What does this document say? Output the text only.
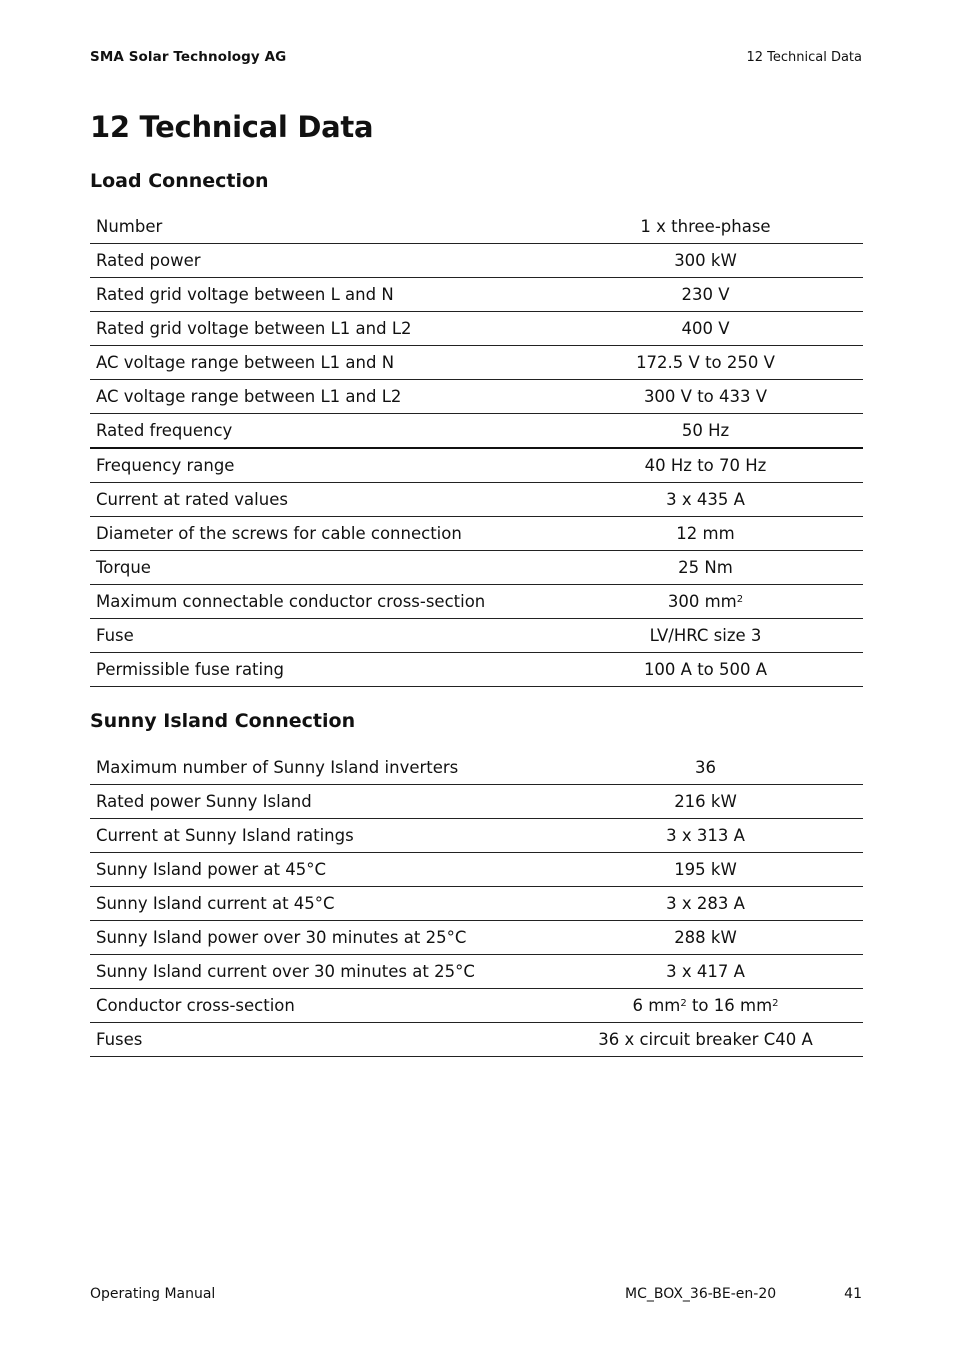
SMA Solar Technology AG	12 Technical Data
12 Technical Data
Load Connection
Number	1 x three-phase
Rated power	300 kW
Rated grid voltage between L and N	230 V
Rated grid voltage between L1 and L2	400 V
AC voltage range between L1 and N	172.5 V to 250 V
AC voltage range between L1 and L2	300 V to 433 V
Rated frequency	50 Hz
Frequency range	40 Hz to 70 Hz
Current at rated values	3 x 435 A
Diameter of the screws for cable connection	12 mm
Torque	25 Nm
Maximum connectable conductor cross-section	300 $mm^2$
Fuse	LV/HRC size 3
Permissible fuse rating	100 A to 500 A
Sunny Island Connection
Maximum number of Sunny Island inverters	36
Rated power Sunny Island	216 kW
Current at Sunny Island ratings	3 x 313 A
Sunny Island power at 45°C	195 kW
Sunny Island current at 45°C	3 x 283 A
Sunny Island power over 30 minutes at 25°C	288 kW
Sunny Island current over 30 minutes at 25°C	3 x 417 A
Conductor cross-section	6 $mm^2$ to 16 $mm^2$
Fuses	36 x circuit breaker C40 A
Operating Manual	MC_BOX_36-BE-en-20	41
